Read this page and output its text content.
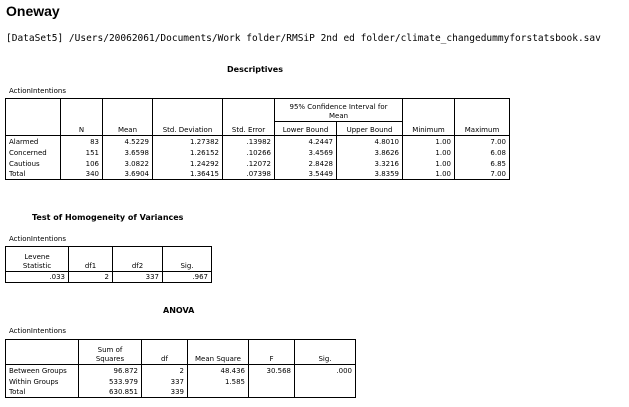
Oneway
[DataSet5] /Users/20062061/Documents/Work folder/RMSiP 2nd ed folder/climate_changedummyforstatsbook.sav
Descriptives
ActionIntentions
	N	Mean	Std. Deviation	Std. Error	95% Confidence Interval for Mean		Minimum	Maximum
					Lower Bound	Upper Bound		
Alarmed	83	4.5229	1.27382	.13982	4.2447	4.8010	1.00	7.00
Concerned	151	3.6598	1.26152	.10266	3.4569	3.8626	1.00	6.08
Cautious	106	3.0822	1.24292	.12072	2.8428	3.3216	1.00	6.85
Total	340	3.6904	1.36415	.07398	3.5449	3.8359	1.00	7.00
Test of Homogeneity of Variances
ActionIntentions
Levene Statistic	df1	df2	Sig.
.033	2	337	.967
ANOVA
ActionIntentions
	Sum of Squares	df	Mean Square	F	Sig.
Between Groups	96.872	2	48.436	30.568	.000
Within Groups	533.979	337	1.585		
Total	630.851	339			
